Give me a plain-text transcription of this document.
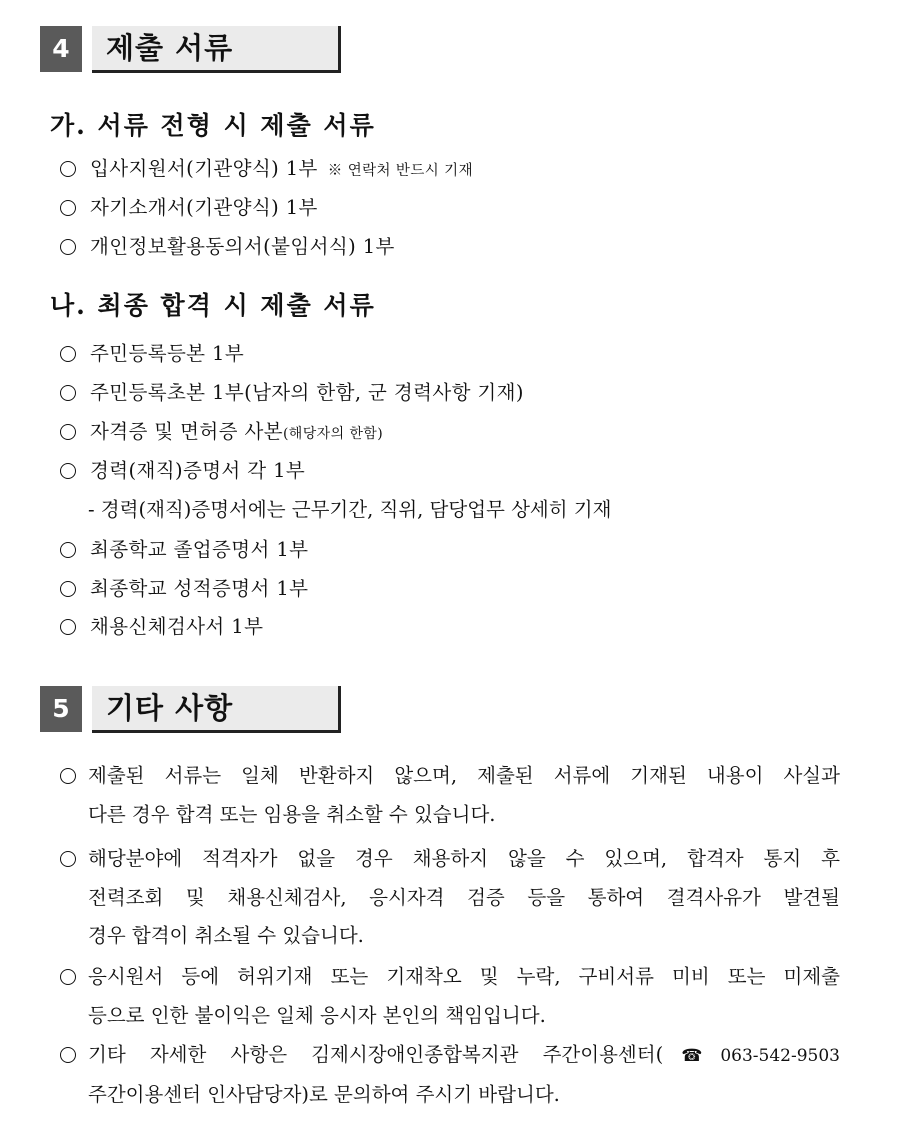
4	제출 서류
가. 서류 전형 시 제출 서류
입사지원서(기관양식) 1부 ※ 연락처 반드시 기재
자기소개서(기관양식) 1부
개인정보활용동의서(붙임서식) 1부
나. 최종 합격 시 제출 서류
주민등록등본 1부
주민등록초본 1부(남자의 한함, 군 경력사항 기재)
자격증 및 면허증 사본(해당자의 한함)
경력(재직)증명서 각 1부
- 경력(재직)증명서에는 근무기간, 직위, 담당업무 상세히 기재
최종학교 졸업증명서 1부
최종학교 성적증명서 1부
채용신체검사서 1부
5	기타 사항
제출된 서류는 일체 반환하지 않으며, 제출된 서류에 기재된 내용이 사실과
다른 경우 합격 또는 임용을 취소할 수 있습니다.
해당분야에 적격자가 없을 경우 채용하지 않을 수 있으며, 합격자 통지 후
전력조회 및 채용신체검사, 응시자격 검증 등을 통하여 결격사유가 발견될
경우 합격이 취소될 수 있습니다.
응시원서 등에 허위기재 또는 기재착오 및 누락, 구비서류 미비 또는 미제출
등으로 인한 불이익은 일체 응시자 본인의 책임입니다.
기타 자세한 사항은 김제시장애인종합복지관 주간이용센터(☎063-542-9503
주간이용센터 인사담당자)로 문의하여 주시기 바랍니다.
